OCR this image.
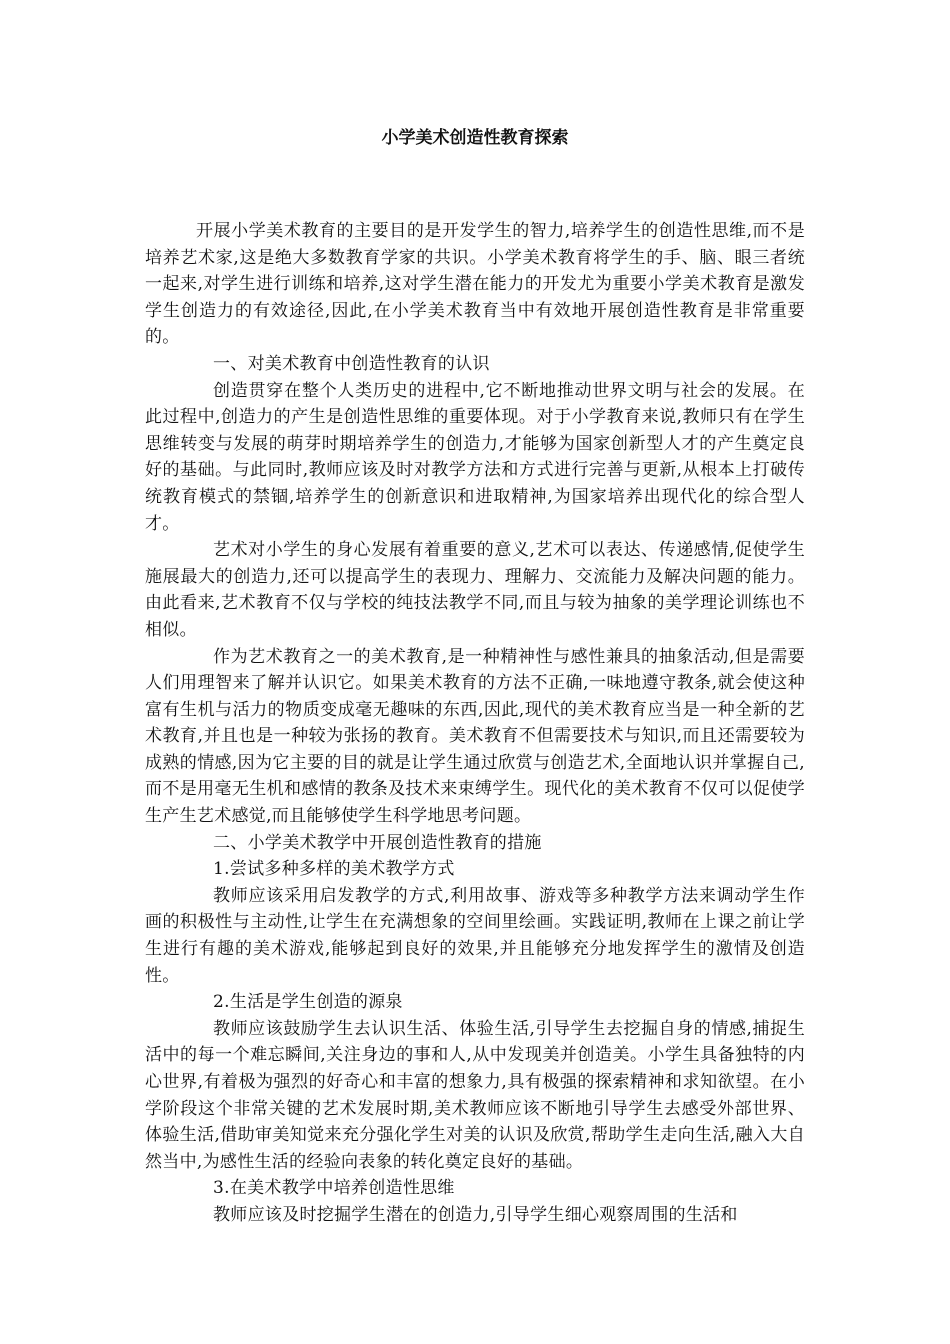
小学美术创造性教育探索

开展小学美术教育的主要目的是开发学生的智力,培养学生的创造性思维,而不是培养艺术家,这是绝大多数教育学家的共识。小学美术教育将学生的手、脑、眼三者统一起来,对学生进行训练和培养,这对学生潜在能力的开发尤为重要小学美术教育是激发学生创造力的有效途径,因此,在小学美术教育当中有效地开展创造性教育是非常重要的。

一、对美术教育中创造性教育的认识

创造贯穿在整个人类历史的进程中,它不断地推动世界文明与社会的发展。在此过程中,创造力的产生是创造性思维的重要体现。对于小学教育来说,教师只有在学生思维转变与发展的萌芽时期培养学生的创造力,才能够为国家创新型人才的产生奠定良好的基础。与此同时,教师应该及时对教学方法和方式进行完善与更新,从根本上打破传统教育模式的禁锢,培养学生的创新意识和进取精神,为国家培养出现代化的综合型人才。

艺术对小学生的身心发展有着重要的意义,艺术可以表达、传递感情,促使学生施展最大的创造力,还可以提高学生的表现力、理解力、交流能力及解决问题的能力。由此看来,艺术教育不仅与学校的纯技法教学不同,而且与较为抽象的美学理论训练也不相似。

作为艺术教育之一的美术教育,是一种精神性与感性兼具的抽象活动,但是需要人们用理智来了解并认识它。如果美术教育的方法不正确,一味地遵守教条,就会使这种富有生机与活力的物质变成毫无趣味的东西,因此,现代的美术教育应当是一种全新的艺术教育,并且也是一种较为张扬的教育。美术教育不但需要技术与知识,而且还需要较为成熟的情感,因为它主要的目的就是让学生通过欣赏与创造艺术,全面地认识并掌握自己,而不是用毫无生机和感情的教条及技术来束缚学生。现代化的美术教育不仅可以促使学生产生艺术感觉,而且能够使学生科学地思考问题。

二、小学美术教学中开展创造性教育的措施

1.尝试多种多样的美术教学方式

教师应该采用启发教学的方式,利用故事、游戏等多种教学方法来调动学生作画的积极性与主动性,让学生在充满想象的空间里绘画。实践证明,教师在上课之前让学生进行有趣的美术游戏,能够起到良好的效果,并且能够充分地发挥学生的激情及创造性。

2.生活是学生创造的源泉

教师应该鼓励学生去认识生活、体验生活,引导学生去挖掘自身的情感,捕捉生活中的每一个难忘瞬间,关注身边的事和人,从中发现美并创造美。小学生具备独特的内心世界,有着极为强烈的好奇心和丰富的想象力,具有极强的探索精神和求知欲望。在小学阶段这个非常关键的艺术发展时期,美术教师应该不断地引导学生去感受外部世界、体验生活,借助审美知觉来充分强化学生对美的认识及欣赏,帮助学生走向生活,融入大自然当中,为感性生活的经验向表象的转化奠定良好的基础。

3.在美术教学中培养创造性思维

教师应该及时挖掘学生潜在的创造力,引导学生细心观察周围的生活和
